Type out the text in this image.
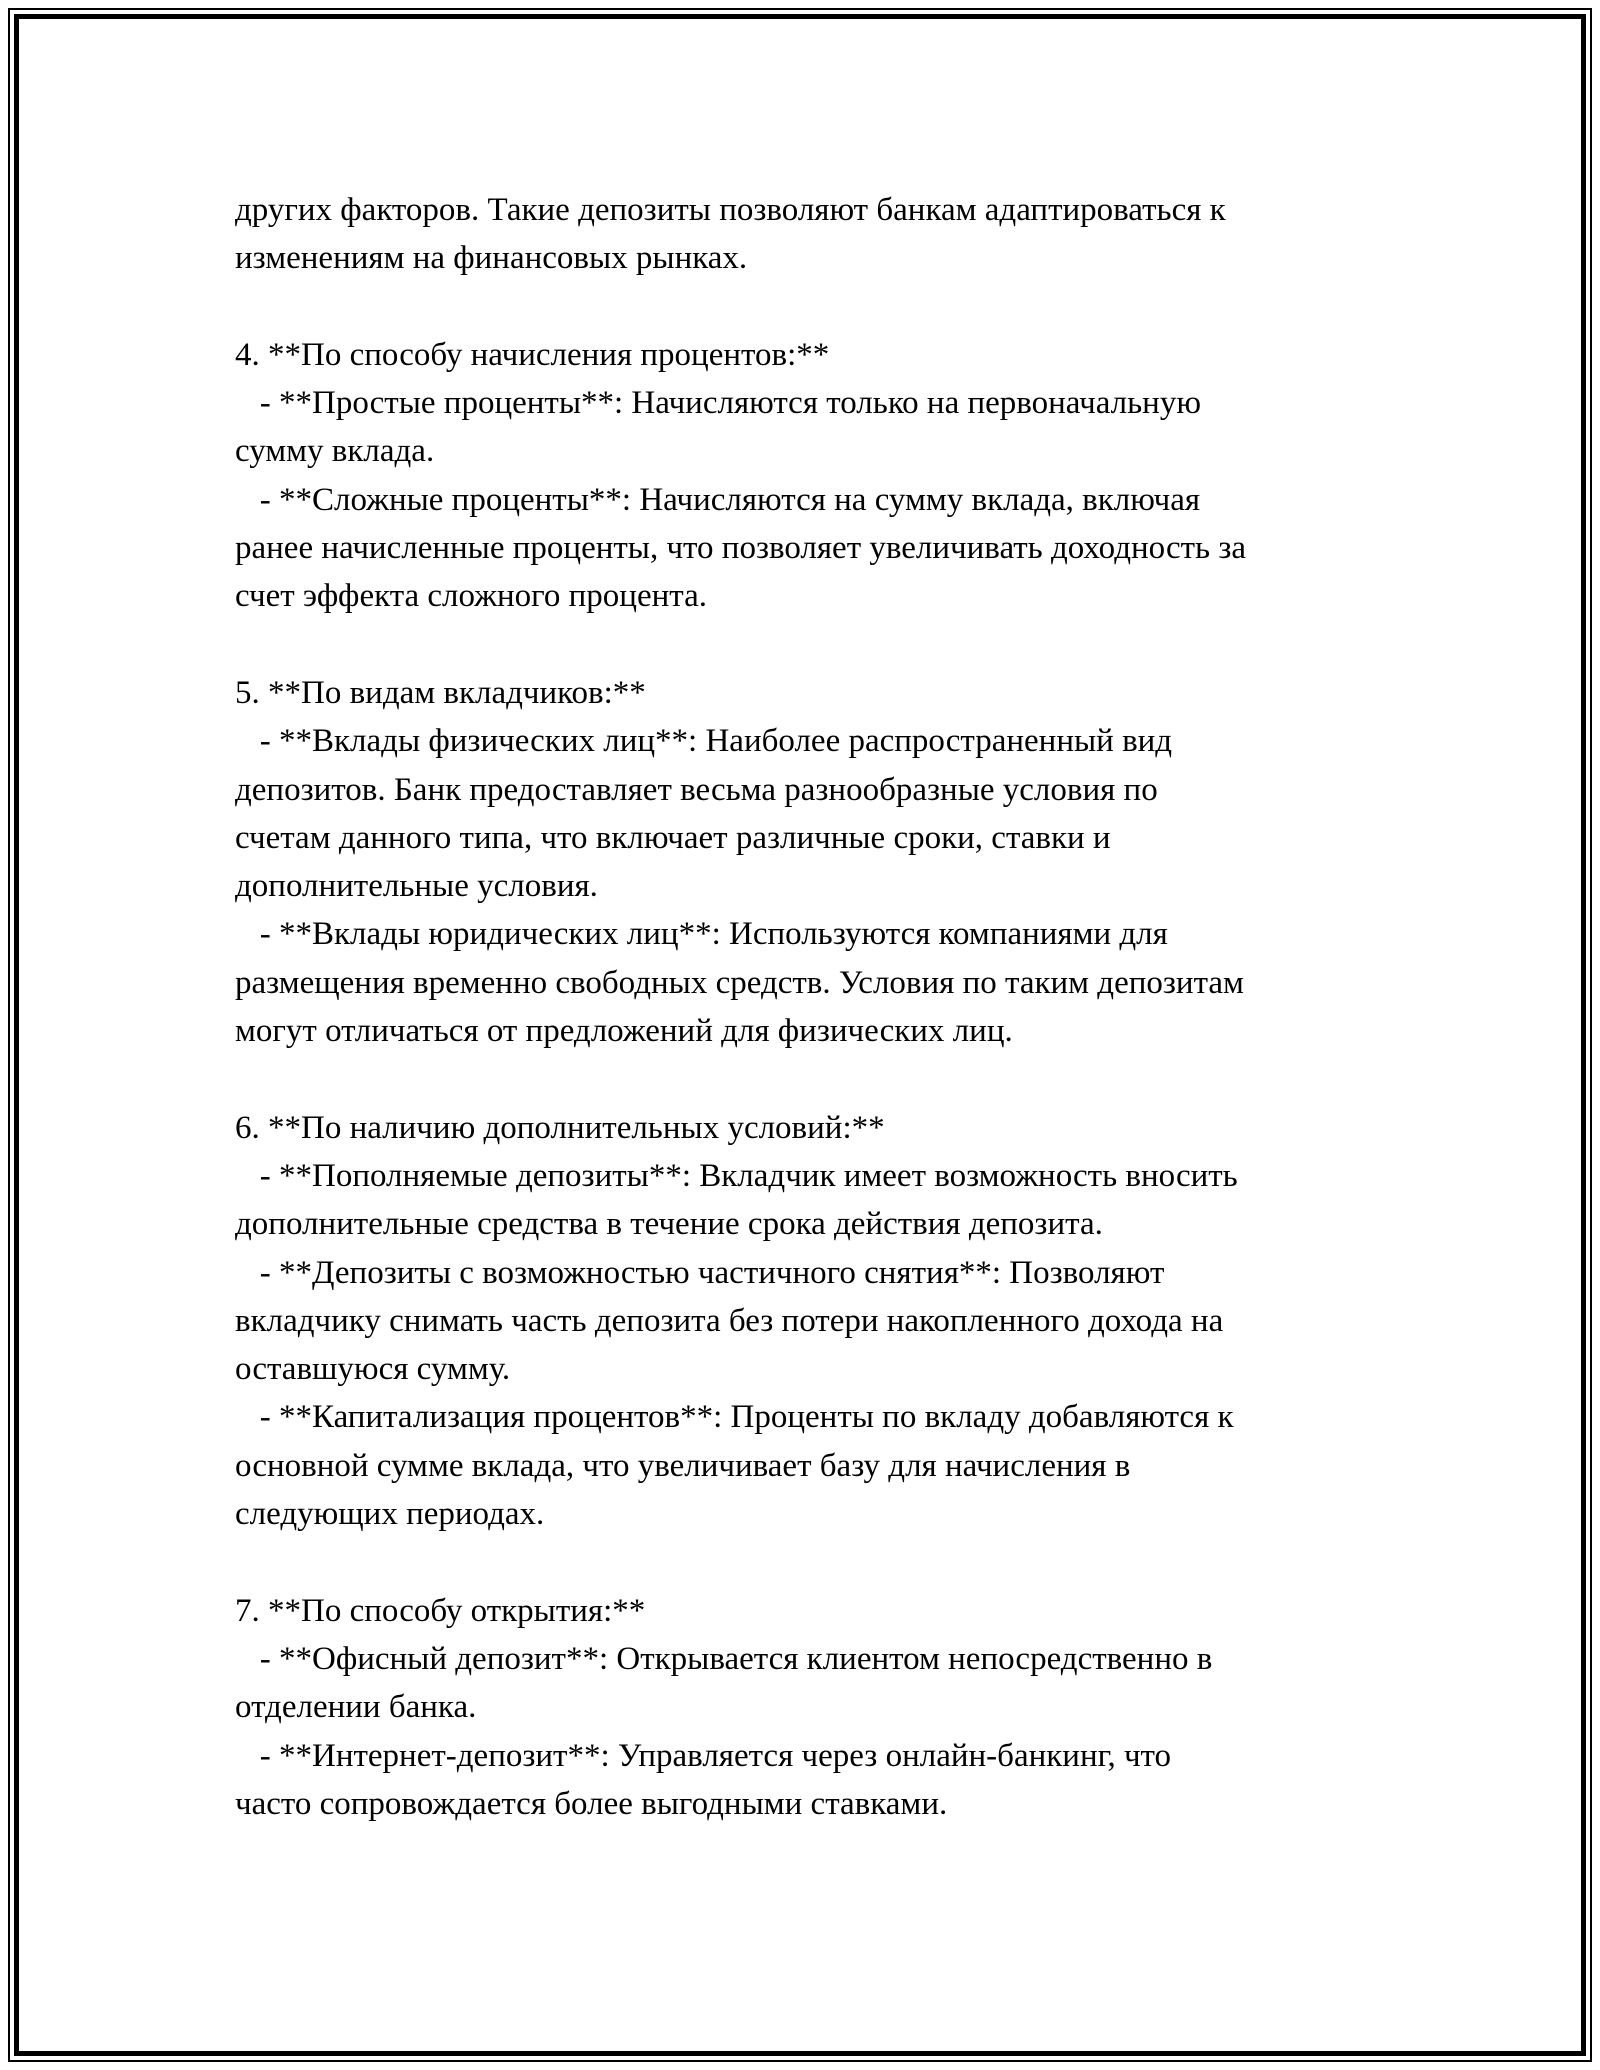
других факторов. Такие депозиты позволяют банкам адаптироваться к
изменениям на финансовых рынках.
4. **По способу начисления процентов:**
- **Простые проценты**: Начисляются только на первоначальную
сумму вклада.
- **Сложные проценты**: Начисляются на сумму вклада, включая
ранее начисленные проценты, что позволяет увеличивать доходность за
счет эффекта сложного процента.
5. **По видам вкладчиков:**
- **Вклады физических лиц**: Наиболее распространенный вид
депозитов. Банк предоставляет весьма разнообразные условия по
счетам данного типа, что включает различные сроки, ставки и
дополнительные условия.
- **Вклады юридических лиц**: Используются компаниями для
размещения временно свободных средств. Условия по таким депозитам
могут отличаться от предложений для физических лиц.
6. **По наличию дополнительных условий:**
- **Пополняемые депозиты**: Вкладчик имеет возможность вносить
дополнительные средства в течение срока действия депозита.
- **Депозиты с возможностью частичного снятия**: Позволяют
вкладчику снимать часть депозита без потери накопленного дохода на
оставшуюся сумму.
- **Капитализация процентов**: Проценты по вкладу добавляются к
основной сумме вклада, что увеличивает базу для начисления в
следующих периодах.
7. **По способу открытия:**
- **Офисный депозит**: Открывается клиентом непосредственно в
отделении банка.
- **Интернет-депозит**: Управляется через онлайн-банкинг, что
часто сопровождается более выгодными ставками.
